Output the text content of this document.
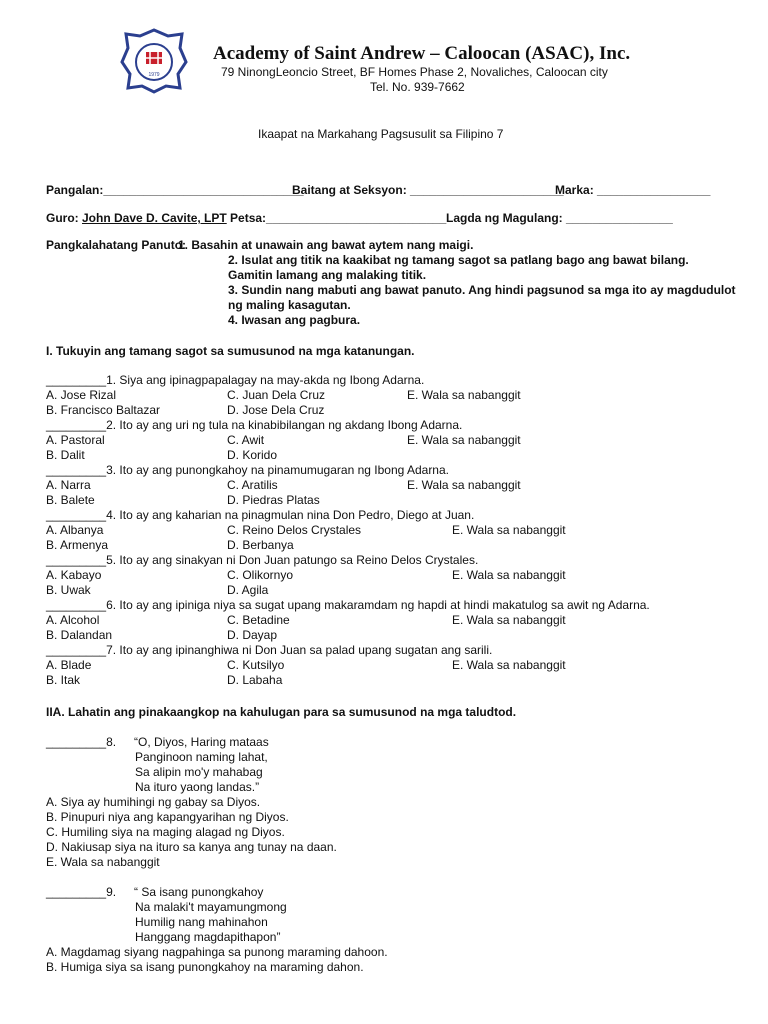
1979
Academy of Saint Andrew – Caloocan (ASAC), Inc.
79 NinongLeoncio Street, BF Homes Phase 2, Novaliches, Caloocan city
Tel. No. 939-7662
Ikaapat na Markahang Pagsusulit sa Filipino 7
Pangalan:______________________________
Baitang at Seksyon: _______________________
Marka: _________________
Guro: John Dave D. Cavite, LPT Petsa:___________________________ Lagda ng Magulang: ________________
Pangkalahatang Panuto:
1. Basahin at unawain ang bawat aytem nang maigi.
2. Isulat ang titik na kaakibat ng tamang sagot sa patlang bago ang bawat bilang.
Gamitin lamang ang malaking titik.
3. Sundin nang mabuti ang bawat panuto. Ang hindi pagsunod sa mga ito ay magdudulot
ng maling kasagutan.
4. Iwasan ang pagbura.
I. Tukuyin ang tamang sagot sa sumusunod na mga katanungan.
_________1. Siya ang ipinagpapalagay na may-akda ng Ibong Adarna.
A. Jose Rizal	C. Juan Dela Cruz	E. Wala sa nabanggit
B. Francisco Baltazar	D. Jose Dela Cruz
_________2. Ito ay ang uri ng tula na kinabibilangan ng akdang Ibong Adarna.
A. Pastoral	C. Awit	E. Wala sa nabanggit
B. Dalit	D. Korido
_________3. Ito ay ang punongkahoy na pinamumugaran ng Ibong Adarna.
A. Narra	C. Aratilis	E. Wala sa nabanggit
B. Balete	D. Piedras Platas
_________4. Ito ay ang kaharian na pinagmulan nina Don Pedro, Diego at Juan.
A. Albanya	C. Reino Delos Crystales	E. Wala sa nabanggit
B. Armenya	D. Berbanya
_________5. Ito ay ang sinakyan ni Don Juan patungo sa Reino Delos Crystales.
A. Kabayo	C. Olikornyo	E. Wala sa nabanggit
B. Uwak	D. Agila
_________6. Ito ay ang ipiniga niya sa sugat upang makaramdam ng hapdi at hindi makatulog sa awit ng Adarna.
A. Alcohol	C. Betadine	E. Wala sa nabanggit
B. Dalandan	D. Dayap
_________7. Ito ay ang ipinanghiwa ni Don Juan sa palad upang sugatan ang sarili.
A. Blade	C. Kutsilyo	E. Wala sa nabanggit
B. Itak	D. Labaha
IIA. Lahatin ang pinakaangkop na kahulugan para sa sumusunod na mga taludtod.
_________8. “O, Diyos, Haring mataas
Panginoon naming lahat,
Sa alipin mo'y mahabag
Na ituro yaong landas.”
A. Siya ay humihingi ng gabay sa Diyos.
B. Pinupuri niya ang kapangyarihan ng Diyos.
C. Humiling siya na maging alagad ng Diyos.
D. Nakiusap siya na ituro sa kanya ang tunay na daan.
E. Wala sa nabanggit
_________9. “ Sa isang punongkahoy
Na malaki't mayamungmong
Humilig nang mahinahon
Hanggang magdapithapon”
A. Magdamag siyang nagpahinga sa punong maraming dahoon.
B. Humiga siya sa isang punongkahoy na maraming dahon.
